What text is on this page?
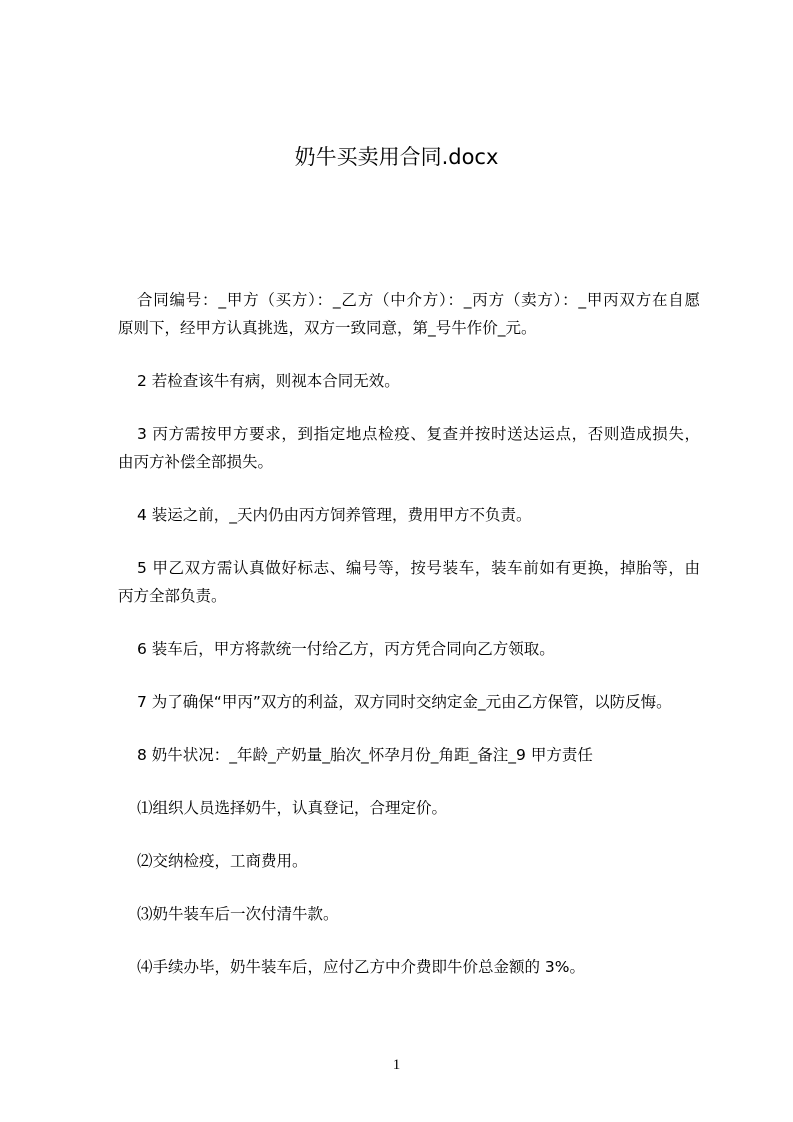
奶牛买卖用合同.docx

合同编号：_甲方（买方）：_乙方（中介方）：_丙方（卖方）：_甲丙双方在自愿
原则下，经甲方认真挑选，双方一致同意，第_号牛作价_元。

2 若检查该牛有病，则视本合同无效。

3 丙方需按甲方要求，到指定地点检疫、复查并按时送达运点，否则造成损失，
由丙方补偿全部损失。

4 装运之前，_天内仍由丙方饲养管理，费用甲方不负责。

5 甲乙双方需认真做好标志、编号等，按号装车，装车前如有更换，掉胎等，由
丙方全部负责。

6 装车后，甲方将款统一付给乙方，丙方凭合同向乙方领取。

7 为了确保“甲丙”双方的利益，双方同时交纳定金_元由乙方保管，以防反悔。

8 奶牛状况：_年龄_产奶量_胎次_怀孕月份_角距_备注_9 甲方责任

⑴组织人员选择奶牛，认真登记，合理定价。

⑵交纳检疫，工商费用。

⑶奶牛装车后一次付清牛款。

⑷手续办毕，奶牛装车后，应付乙方中介费即牛价总金额的 3%。

1
